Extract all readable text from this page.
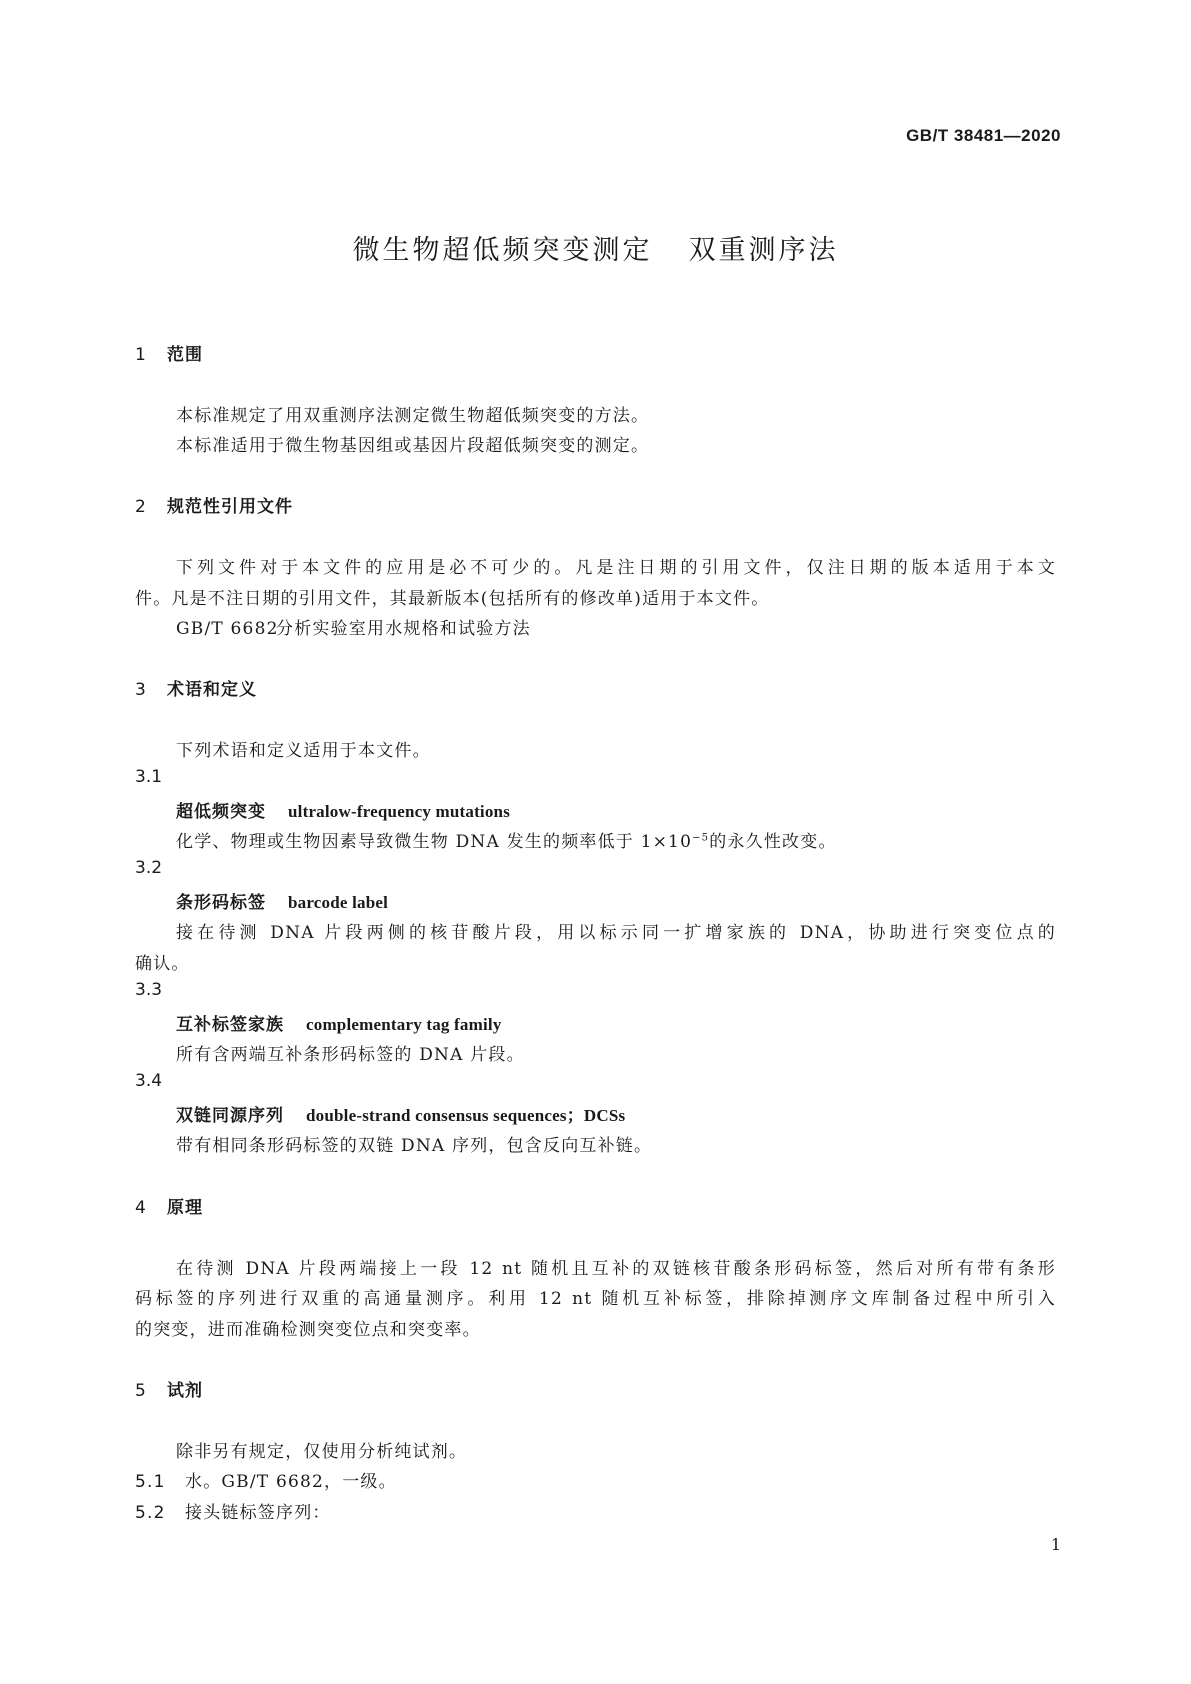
GB/T 38481—2020
微生物超低频突变测定 双重测序法
1 范围
本标准规定了用双重测序法测定微生物超低频突变的方法。
本标准适用于微生物基因组或基因片段超低频突变的测定。
2 规范性引用文件
下列文件对于本文件的应用是必不可少的。凡是注日期的引用文件，仅注日期的版本适用于本文
件。凡是不注日期的引用文件，其最新版本(包括所有的修改单)适用于本文件。
GB/T 6682分析实验室用水规格和试验方法
3 术语和定义
下列术语和定义适用于本文件。
3.1
超低频突变 ultralow-frequency mutations
化学、物理或生物因素导致微生物 DNA 发生的频率低于 $1\times 10^{-5}$的永久性改变。
3.2
条形码标签 barcode label
接在待测 DNA 片段两侧的核苷酸片段，用以标示同一扩增家族的 DNA，协助进行突变位点的
确认。
3.3
互补标签家族 complementary tag family
所有含两端互补条形码标签的 DNA 片段。
3.4
双链同源序列 double-strand consensus sequences；DCSs
带有相同条形码标签的双链 DNA 序列，包含反向互补链。
4 原理
在待测 DNA 片段两端接上一段 12 nt 随机且互补的双链核苷酸条形码标签，然后对所有带有条形
码标签的序列进行双重的高通量测序。利用 12 nt 随机互补标签，排除掉测序文库制备过程中所引入
的突变，进而准确检测突变位点和突变率。
5 试剂
除非另有规定，仅使用分析纯试剂。
5.1 水。GB/T 6682，一级。
5.2 接头链标签序列：
1
